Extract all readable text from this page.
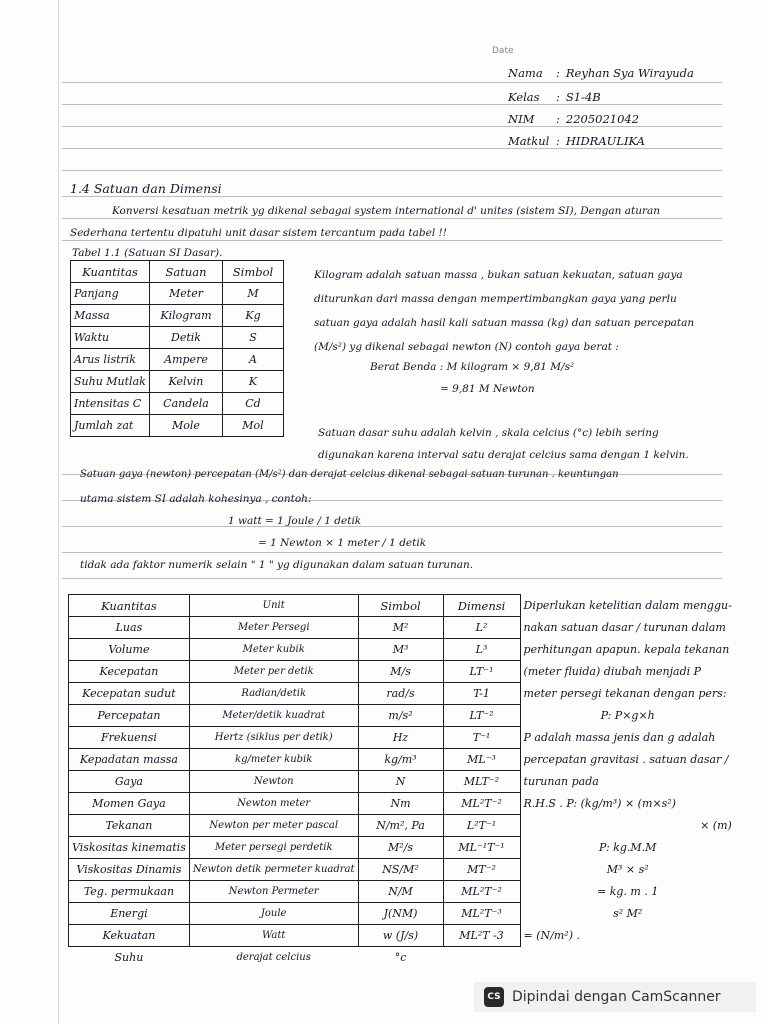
Date
Nama	: Reyhan Sya Wirayuda
Kelas	: S1-4B
NIM	: 2205021042
Matkul : HIDRAULIKA
1.4 Satuan dan Dimensi
Konversi kesatuan metrik yg dikenal sebagai system international d' unites (sistem SI), Dengan aturan
Sederhana tertentu dipatuhi unit dasar sistem tercantum pada tabel !!
Tabel 1.1 (Satuan SI Dasar).
Kuantitas	Satuan	Simbol
Panjang	Meter	M
Massa	Kilogram	Kg
Waktu	Detik	S
Arus listrik	Ampere	A
Suhu Mutlak	Kelvin	K
Intensitas C	Candela	Cd
Jumlah zat	Mole	Mol
Kilogram adalah satuan massa , bukan satuan kekuatan, satuan gaya
diturunkan dari massa dengan mempertimbangkan gaya yang perlu
satuan gaya adalah hasil kali satuan massa (kg) dan satuan percepatan
(M/s²) yg dikenal sebagai newton (N) contoh gaya berat :
Berat Benda : M kilogram × 9,81 M/s²
= 9,81 M Newton
Satuan dasar suhu adalah kelvin , skala celcius (°c) lebih sering
digunakan karena interval satu derajat celcius sama dengan 1 kelvin.
Satuan gaya (newton) percepatan (M/s²) dan derajat celcius dikenal sebagai satuan turunan . keuntungan
utama sistem SI adalah kohesinya , contoh:
1 watt = 1 Joule / 1 detik
= 1 Newton × 1 meter / 1 detik
tidak ada faktor numerik selain " 1 " yg digunakan dalam satuan turunan.
Kuantitas	Unit	Simbol	Dimensi	Diperlukan ketelitian dalam menggu-
Luas	Meter Persegi	M²	L²	nakan satuan dasar / turunan dalam
Volume	Meter kubik	M³	L³	perhitungan apapun. kepala tekanan
Kecepatan	Meter per detik	M/s	LT⁻¹	(meter fluida) diubah menjadi P
Kecepatan sudut	Radian/detik	rad/s	T-1	meter persegi tekanan dengan pers:
Percepatan	Meter/detik kuadrat	m/s²	LT⁻²	P: P×g×h
Frekuensi	Hertz (siklus per detik)	Hz	T⁻¹	P adalah massa jenis dan g adalah
Kepadatan massa	kg/meter kubik	kg/m³	ML⁻³	percepatan gravitasi . satuan dasar /
Gaya	Newton	N	MLT⁻²	turunan pada
Momen Gaya	Newton meter	Nm	ML²T⁻²	R.H.S . P: (kg/m³) × (m×s²)
Tekanan	Newton per meter pascal	N/m², Pa	L²T⁻¹	× (m)
Viskositas kinematis	Meter persegi perdetik	M²/s	ML⁻¹T⁻¹	P: kg.M.M
Viskositas Dinamis	Newton detik permeter kuadrat	NS/M²	MT⁻²	M³ × s²
Teg. permukaan	Newton Permeter	N/M	ML²T⁻²	= kg. m . 1
Energi	Joule	J(NM)	ML²T⁻³	s² M²
Kekuatan	Watt	w (J/s)	ML²T -3	= (N/m²) .
Suhu	derajat celcius	°c		
CS Dipindai dengan CamScanner
